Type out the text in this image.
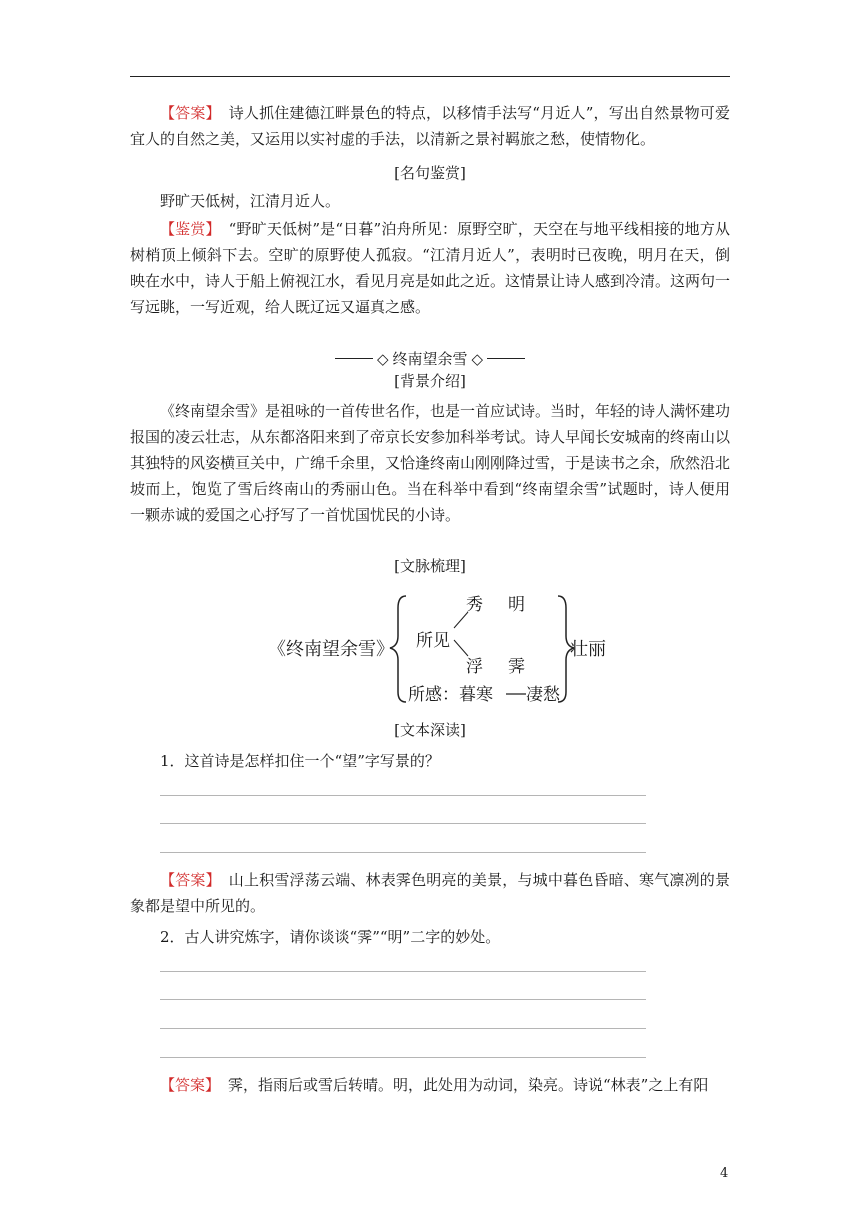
【答案】 诗人抓住建德江畔景色的特点，以移情手法写“月近人”，写出自然景物可爱宜人的自然之美，又运用以实衬虚的手法，以清新之景衬羁旅之愁，使情物化。

[名句鉴赏]

野旷天低树，江清月近人。

【鉴赏】 “野旷天低树”是“日暮”泊舟所见：原野空旷，天空在与地平线相接的地方从树梢顶上倾斜下去。空旷的原野使人孤寂。“江清月近人”，表明时已夜晚，明月在天，倒映在水中，诗人于船上俯视江水，看见月亮是如此之近。这情景让诗人感到冷清。这两句一写远眺，一写近观，给人既辽远又逼真之感。

◇ 终南望余雪 ◇
[背景介绍]

《终南望余雪》是祖咏的一首传世名作，也是一首应试诗。当时，年轻的诗人满怀建功报国的凌云壮志，从东都洛阳来到了帝京长安参加科举考试。诗人早闻长安城南的终南山以其独特的风姿横亘关中，广绵千余里，又恰逢终南山刚刚降过雪，于是读书之余，欣然沿北坡而上，饱览了雪后终南山的秀丽山色。当在科举中看到“终南望余雪”试题时，诗人便用一颗赤诚的爱国之心抒写了一首忧国忧民的小诗。

[文脉梳理]
《终南望余雪》 所见
秀 明
浮 霁
所感：暮寒 凄愁
壮丽
[文本深读]
1．这首诗是怎样扣住一个“望”字写景的？

【答案】 山上积雪浮荡云端、林表霁色明亮的美景，与城中暮色昏暗、寒气凛冽的景象都是望中所见的。

2．古人讲究炼字，请你谈谈“霁”“明”二字的妙处。

【答案】 霁，指雨后或雪后转晴。明，此处用为动词，染亮。诗说“林表”之上有阳

4
